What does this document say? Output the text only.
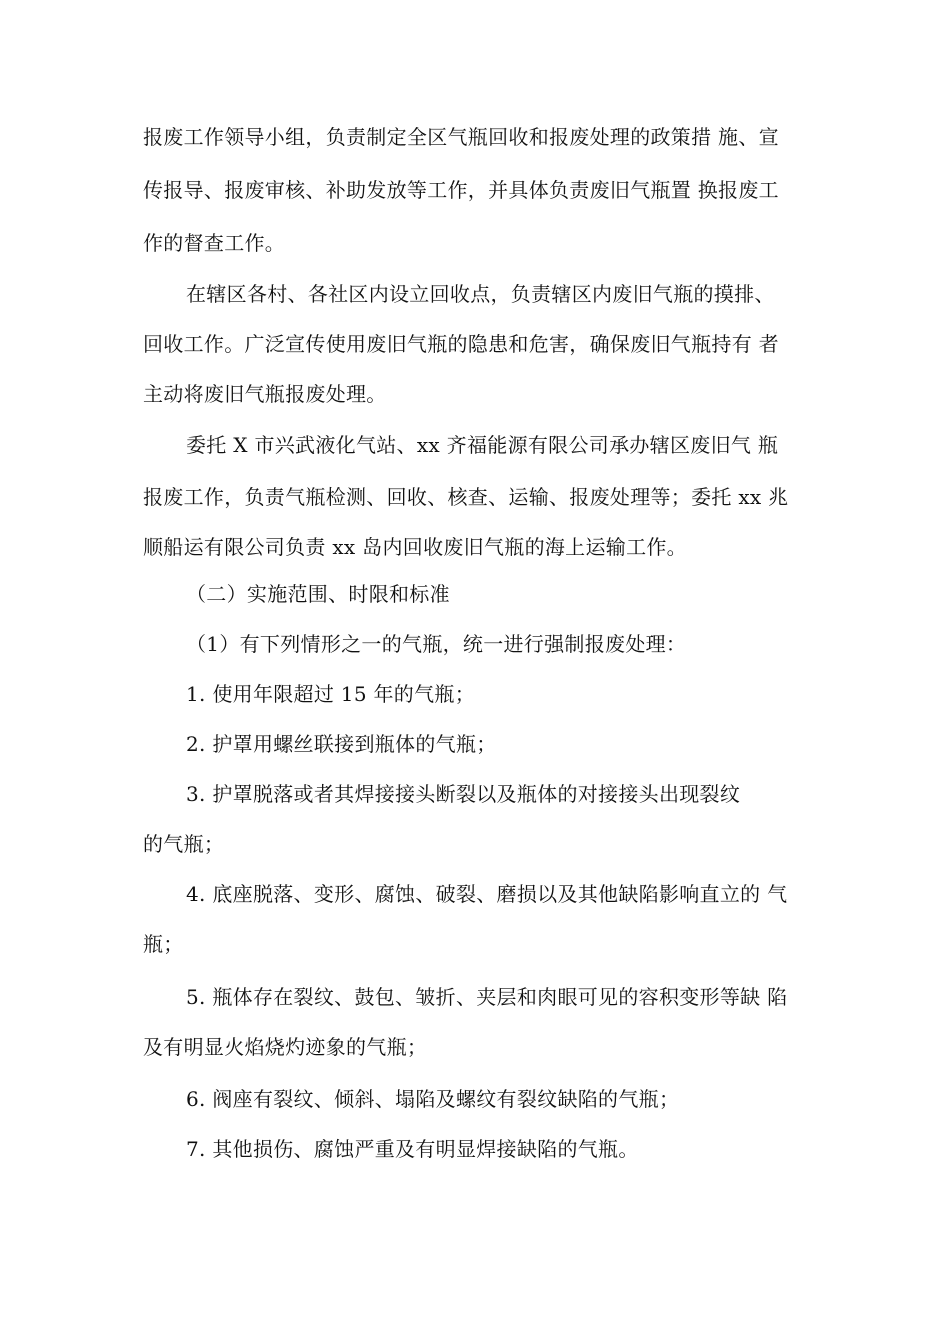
报废工作领导小组，负责制定全区气瓶回收和报废处理的政策措 施、宣
传报导、报废审核、补助发放等工作，并具体负责废旧气瓶置 换报废工
作的督查工作。
在辖区各村、各社区内设立回收点，负责辖区内废旧气瓶的摸排、
回收工作。广泛宣传使用废旧气瓶的隐患和危害，确保废旧气瓶持有 者
主动将废旧气瓶报废处理。
委托 X 市兴武液化气站、xx 齐福能源有限公司承办辖区废旧气 瓶
报废工作，负责气瓶检测、回收、核查、运输、报废处理等；委托 xx 兆
顺船运有限公司负责 xx 岛内回收废旧气瓶的海上运输工作。
（二）实施范围、时限和标准
（1）有下列情形之一的气瓶，统一进行强制报废处理：
1. 使用年限超过 15 年的气瓶；
2. 护罩用螺丝联接到瓶体的气瓶；
3. 护罩脱落或者其焊接接头断裂以及瓶体的对接接头出现裂纹
的气瓶；
4. 底座脱落、变形、腐蚀、破裂、磨损以及其他缺陷影响直立的 气
瓶；
5. 瓶体存在裂纹、鼓包、皱折、夹层和肉眼可见的容积变形等缺 陷
及有明显火焰烧灼迹象的气瓶；
6. 阀座有裂纹、倾斜、塌陷及螺纹有裂纹缺陷的气瓶；
7. 其他损伤、腐蚀严重及有明显焊接缺陷的气瓶。
